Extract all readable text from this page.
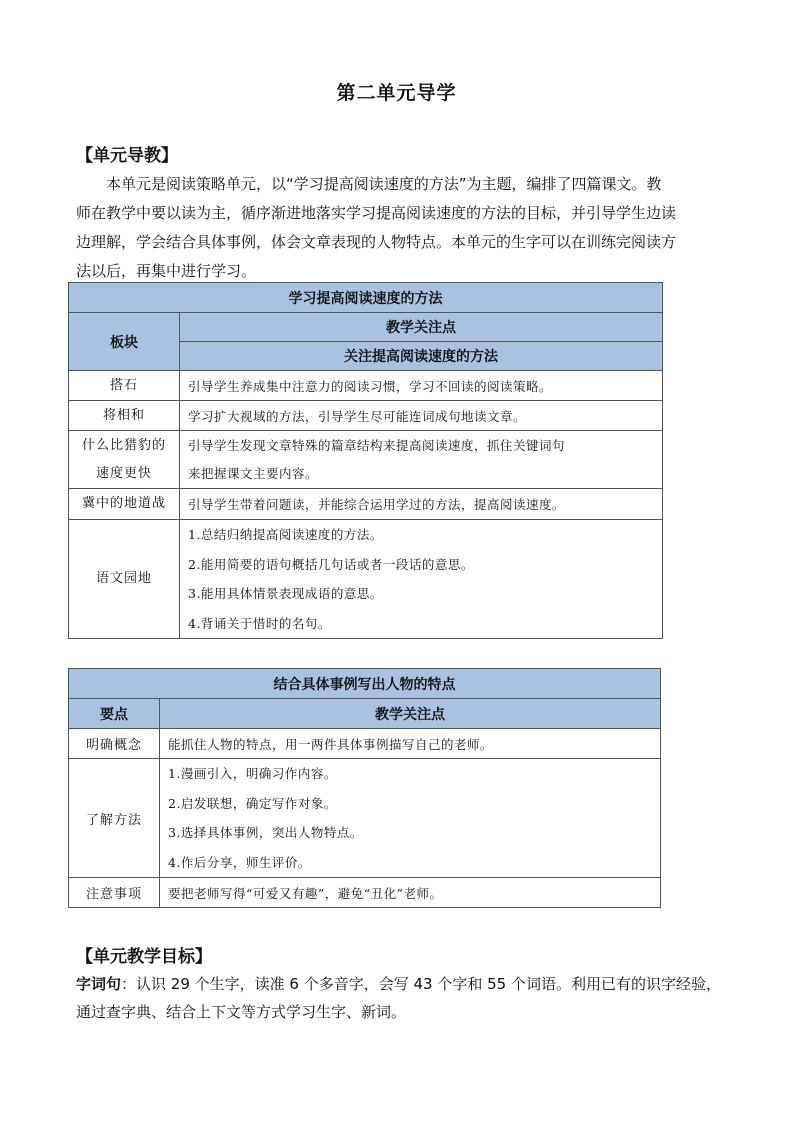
第二单元导学
【单元导教】
本单元是阅读策略单元，以“学习提高阅读速度的方法”为主题，编排了四篇课文。教
师在教学中要以读为主，循序渐进地落实学习提高阅读速度的方法的目标，并引导学生边读
边理解，学会结合具体事例，体会文章表现的人物特点。本单元的生字可以在训练完阅读方
法以后，再集中进行学习。
学习提高阅读速度的方法	
板块	教学关注点
	关注提高阅读速度的方法

搭石	引导学生养成集中注意力的阅读习惯，学习不回读的阅读策略。

将相和	学习扩大视域的方法，引导学生尽可能连词成句地读文章。

什么比猎豹的
速度更快	引导学生发现文章特殊的篇章结构来提高阅读速度，抓住关键词句
来把握课文主要内容。

冀中的地道战	引导学生带着问题读，并能综合运用学过的方法，提高阅读速度。

语文园地	1.总结归纳提高阅读速度的方法。
2.能用简要的语句概括几句话或者一段话的意思。
3.能用具体情景表现成语的意思。
4.背诵关于惜时的名句。
结合具体事例写出人物的特点	
要点	教学关注点
明确概念	能抓住人物的特点，用一两件具体事例描写自己的老师。

了解方法	1.漫画引入，明确习作内容。
2.启发联想，确定写作对象。
3.选择具体事例，突出人物特点。
4.作后分享，师生评价。

注意事项	要把老师写得“可爱又有趣”，避免“丑化”老师。
【单元教学目标】
字词句：认识 29 个生字，读准 6 个多音字，会写 43 个字和 55 个词语。利用已有的识字经验，
通过查字典、结合上下文等方式学习生字、新词。
